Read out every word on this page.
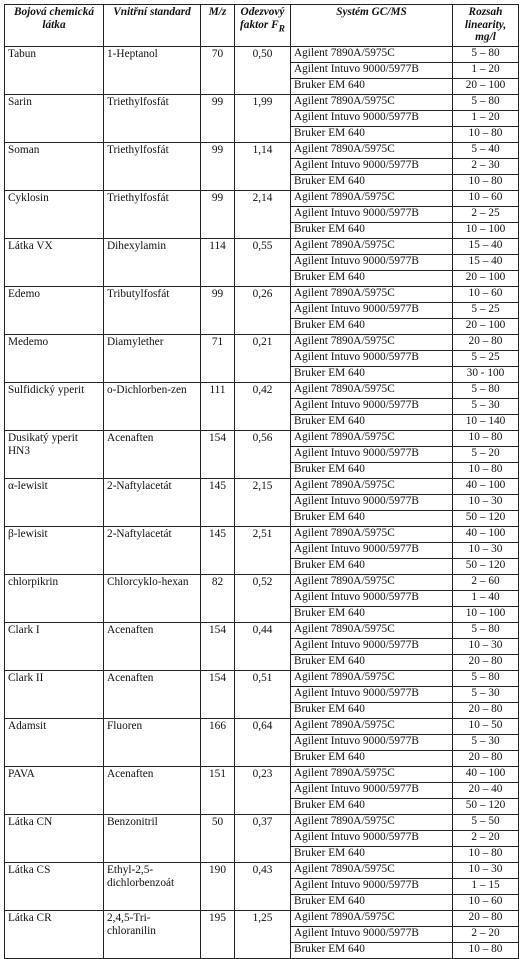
Bojová chemická látka	Vnitřní standard	M/z	Odezvový faktor $F_R$	Systém GC/MS	Rozsah linearity, mg/l
Tabun	1-Heptanol	70	0,50	Agilent 7890A/5975C	5 – 80
				Agilent Intuvo 9000/5977B	1 – 20
				Bruker EM 640	20 – 100
Sarin	Triethylfosfát	99	1,99	Agilent 7890A/5975C	5 – 80
				Agilent Intuvo 9000/5977B	1 – 20
				Bruker EM 640	10 – 80
Soman	Triethylfosfát	99	1,14	Agilent 7890A/5975C	5 – 40
				Agilent Intuvo 9000/5977B	2 – 30
				Bruker EM 640	10 – 80
Cyklosin	Triethylfosfát	99	2,14	Agilent 7890A/5975C	10 – 60
				Agilent Intuvo 9000/5977B	2 – 25
				Bruker EM 640	10 – 100
Látka VX	Dihexylamin	114	0,55	Agilent 7890A/5975C	15 – 40
				Agilent Intuvo 9000/5977B	15 – 40
				Bruker EM 640	20 – 100
Edemo	Tributylfosfát	99	0,26	Agilent 7890A/5975C	10 – 60
				Agilent Intuvo 9000/5977B	5 – 25
				Bruker EM 640	20 – 100
Medemo	Diamylether	71	0,21	Agilent 7890A/5975C	20 – 80
				Agilent Intuvo 9000/5977B	5 – 25
				Bruker EM 640	30 - 100
Sulfidický yperit	o-Dichlorben-zen	111	0,42	Agilent 7890A/5975C	5 – 80
				Agilent Intuvo 9000/5977B	5 – 30
				Bruker EM 640	10 – 140
Dusikatý yperit HN3	Acenaften	154	0,56	Agilent 7890A/5975C	10 – 80
				Agilent Intuvo 9000/5977B	5 – 20
				Bruker EM 640	10 – 80
α-lewisit	2-Naftylacetát	145	2,15	Agilent 7890A/5975C	40 – 100
				Agilent Intuvo 9000/5977B	10 – 30
				Bruker EM 640	50 – 120
β-lewisit	2-Naftylacetát	145	2,51	Agilent 7890A/5975C	40 – 100
				Agilent Intuvo 9000/5977B	10 – 30
				Bruker EM 640	50 – 120
chlorpikrin	Chlorcyklo-hexan	82	0,52	Agilent 7890A/5975C	2 – 60
				Agilent Intuvo 9000/5977B	1 – 40
				Bruker EM 640	10 – 100
Clark I	Acenaften	154	0,44	Agilent 7890A/5975C	5 – 80
				Agilent Intuvo 9000/5977B	10 – 30
				Bruker EM 640	20 – 80
Clark II	Acenaften	154	0,51	Agilent 7890A/5975C	5 – 80
				Agilent Intuvo 9000/5977B	5 – 30
				Bruker EM 640	20 – 80
Adamsit	Fluoren	166	0,64	Agilent 7890A/5975C	10 – 50
				Agilent Intuvo 9000/5977B	5 – 30
				Bruker EM 640	20 – 80
PAVA	Acenaften	151	0,23	Agilent 7890A/5975C	40 – 100
				Agilent Intuvo 9000/5977B	20 – 40
				Bruker EM 640	50 – 120
Látka CN	Benzonitril	50	0,37	Agilent 7890A/5975C	5 – 50
				Agilent Intuvo 9000/5977B	2 – 20
				Bruker EM 640	10 – 80
Látka CS	Ethyl-2,5-dichlorbenzoát	190	0,43	Agilent 7890A/5975C	10 – 30
				Agilent Intuvo 9000/5977B	1 – 15
				Bruker EM 640	10 – 60
Látka CR	2,4,5-Tri-chloranilin	195	1,25	Agilent 7890A/5975C	20 – 80
				Agilent Intuvo 9000/5977B	2 – 20
				Bruker EM 640	10 – 80
